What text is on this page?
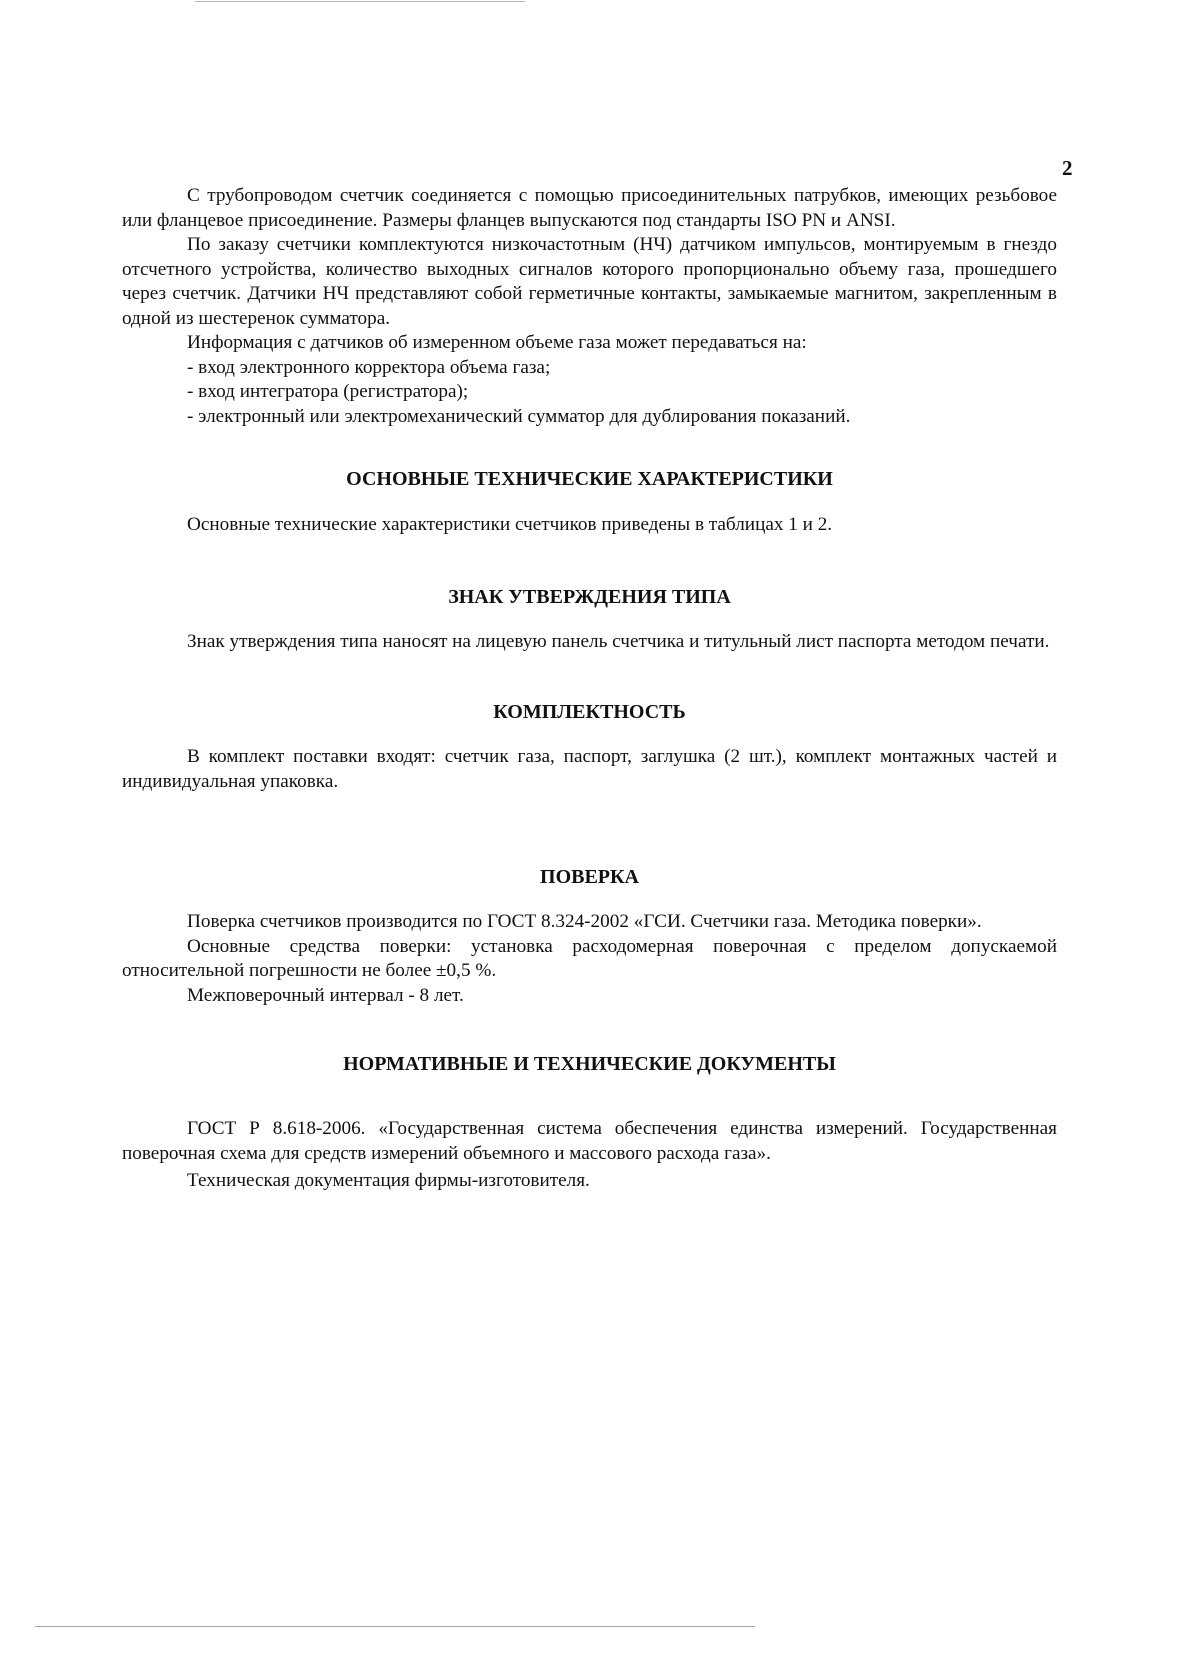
2

С трубопроводом счетчик соединяется с помощью присоединительных патрубков, имеющих резьбовое или фланцевое присоединение. Размеры фланцев выпускаются под стандарты ISO PN и ANSI.

По заказу счетчики комплектуются низкочастотным (НЧ) датчиком импульсов, монтируемым в гнездо отсчетного устройства, количество выходных сигналов которого пропорционально объему газа, прошедшего через счетчик. Датчики НЧ представляют собой герметичные контакты, замыкаемые магнитом, закрепленным в одной из шестеренок сумматора.

Информация с датчиков об измеренном объеме газа может передаваться на:

- вход электронного корректора объема газа;

- вход интегратора (регистратора);

- электронный или электромеханический сумматор для дублирования показаний.

ОСНОВНЫЕ ТЕХНИЧЕСКИЕ ХАРАКТЕРИСТИКИ

Основные технические характеристики счетчиков приведены в таблицах 1 и 2.

ЗНАК УТВЕРЖДЕНИЯ ТИПА

Знак утверждения типа наносят на лицевую панель счетчика и титульный лист паспорта методом печати.

КОМПЛЕКТНОСТЬ

В комплект поставки входят: счетчик газа, паспорт, заглушка (2 шт.), комплект монтажных частей и индивидуальная упаковка.

ПОВЕРКА

Поверка счетчиков производится по ГОСТ 8.324-2002 «ГСИ. Счетчики газа. Методика поверки».

Основные средства поверки: установка расходомерная поверочная с пределом допускаемой относительной погрешности не более ±0,5 %.

Межповерочный интервал - 8 лет.

НОРМАТИВНЫЕ И ТЕХНИЧЕСКИЕ ДОКУМЕНТЫ

ГОСТ Р 8.618-2006. «Государственная система обеспечения единства измерений. Государственная поверочная схема для средств измерений объемного и массового расхода газа».

Техническая документация фирмы-изготовителя.
